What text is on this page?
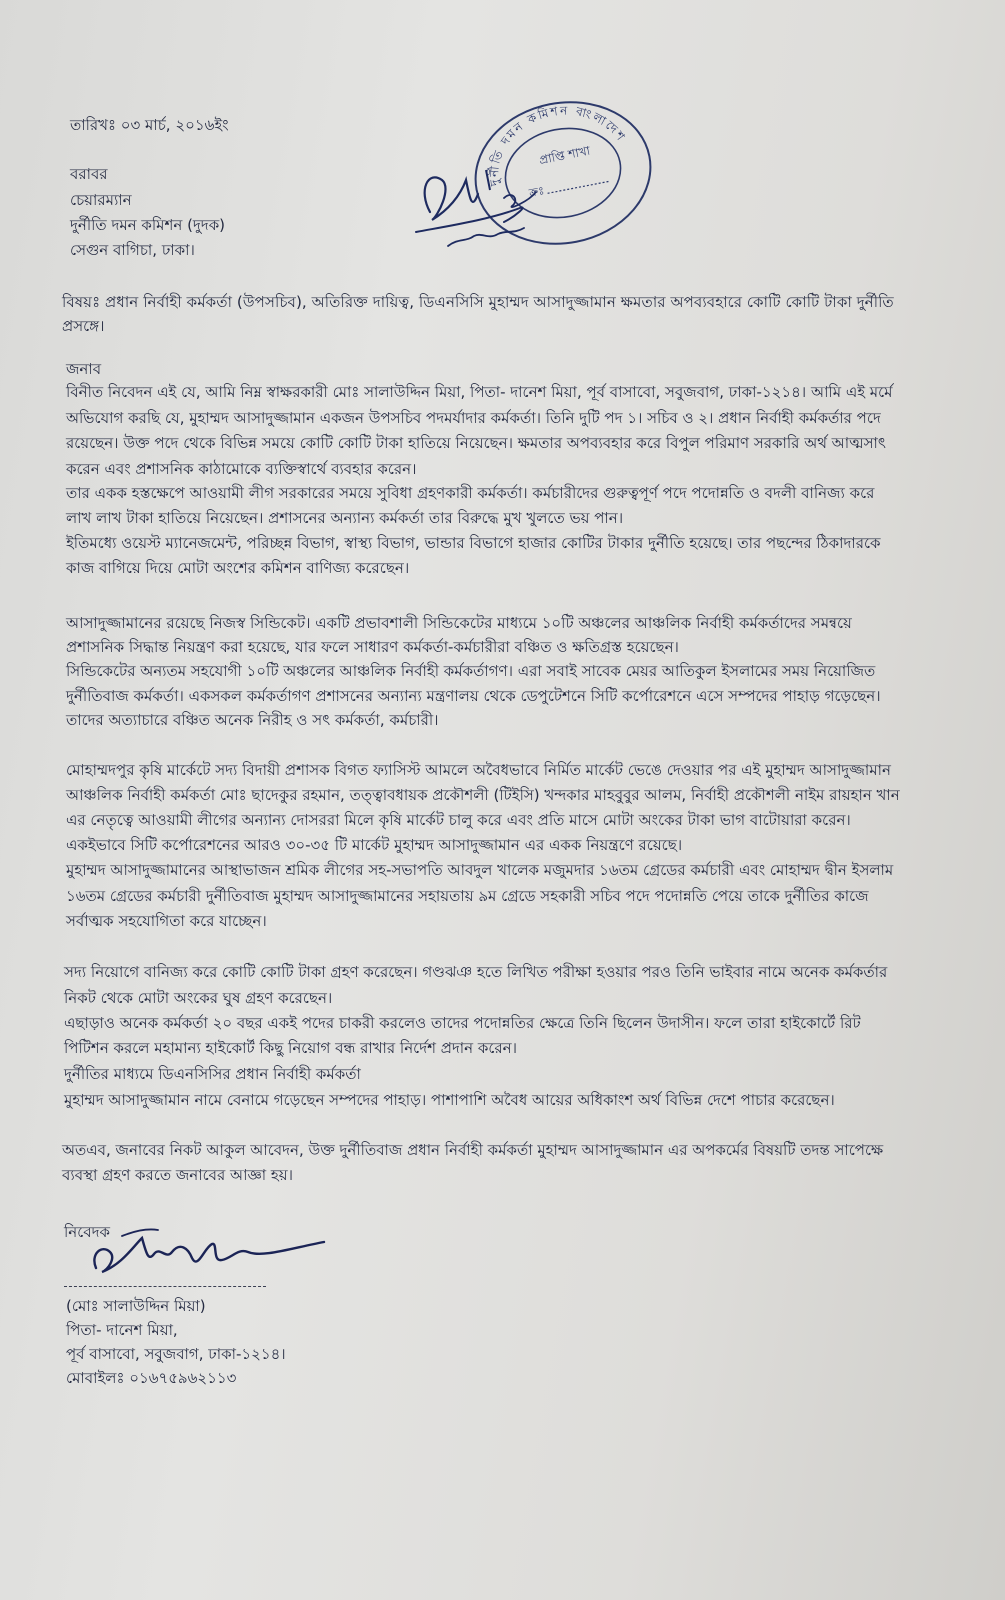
তারিখঃ ০৩ মার্চ, ২০১৬ইং
বরাবর
চেয়ারম্যান
দুর্নীতি দমন কমিশন (দুদক)
সেগুন বাগিচা, ঢাকা।
দুর্নীতি দমন কমিশন বাংলাদেশ
প্রাপ্তি শাখা
ক্রঃ
বিষয়ঃ প্রধান নির্বাহী কর্মকর্তা (উপসচিব), অতিরিক্ত দায়িত্ব, ডিএনসিসি মুহাম্মদ আসাদুজ্জামান ক্ষমতার অপব্যবহারে কোটি কোটি টাকা দুর্নীতি
প্রসঙ্গে।
জনাব
বিনীত নিবেদন এই যে, আমি নিম্ন স্বাক্ষরকারী মোঃ সালাউদ্দিন মিয়া, পিতা- দানেশ মিয়া, পূর্ব বাসাবো, সবুজবাগ, ঢাকা-১২১৪। আমি এই মর্মে
অভিযোগ করছি যে, মুহাম্মদ আসাদুজ্জামান একজন উপসচিব পদমর্যাদার কর্মকর্তা। তিনি দুটি পদ ১। সচিব ও ২। প্রধান নির্বাহী কর্মকর্তার পদে
রয়েছেন। উক্ত পদে থেকে বিভিন্ন সময়ে কোটি কোটি টাকা হাতিয়ে নিয়েছেন। ক্ষমতার অপব্যবহার করে বিপুল পরিমাণ সরকারি অর্থ আত্মসাৎ
করেন এবং প্রশাসনিক কাঠামোকে ব্যক্তিস্বার্থে ব্যবহার করেন।
তার একক হস্তক্ষেপে আওয়ামী লীগ সরকারের সময়ে সুবিধা গ্রহণকারী কর্মকর্তা। কর্মচারীদের গুরুত্বপূর্ণ পদে পদোন্নতি ও বদলী বানিজ্য করে
লাখ লাখ টাকা হাতিয়ে নিয়েছেন। প্রশাসনের অন্যান্য কর্মকর্তা তার বিরুদ্ধে মুখ খুলতে ভয় পান।
ইতিমধ্যে ওয়েস্ট ম্যানেজমেন্ট, পরিচ্ছন্ন বিভাগ, স্বাস্থ্য বিভাগ, ভান্ডার বিভাগে হাজার কোটির টাকার দুর্নীতি হয়েছে। তার পছন্দের ঠিকাদারকে
কাজ বাগিয়ে দিয়ে মোটা অংশের কমিশন বাণিজ্য করেছেন।
আসাদুজ্জামানের রয়েছে নিজস্ব সিন্ডিকেট। একটি প্রভাবশালী সিন্ডিকেটের মাধ্যমে ১০টি অঞ্চলের আঞ্চলিক নির্বাহী কর্মকর্তাদের সমন্বয়ে
প্রশাসনিক সিদ্ধান্ত নিয়ন্ত্রণ করা হয়েছে, যার ফলে সাধারণ কর্মকর্তা-কর্মচারীরা বঞ্চিত ও ক্ষতিগ্রস্ত হয়েছেন।
সিন্ডিকেটের অন্যতম সহযোগী ১০টি অঞ্চলের আঞ্চলিক নির্বাহী কর্মকর্তাগণ। এরা সবাই সাবেক মেয়র আতিকুল ইসলামের সময় নিয়োজিত
দুর্নীতিবাজ কর্মকর্তা। একসকল কর্মকর্তাগণ প্রশাসনের অন্যান্য মন্ত্রণালয় থেকে ডেপুটেশনে সিটি কর্পোরেশনে এসে সম্পদের পাহাড় গড়েছেন।
তাদের অত্যাচারে বঞ্চিত অনেক নিরীহ ও সৎ কর্মকর্তা, কর্মচারী।
মোহাম্মদপুর কৃষি মার্কেটে সদ্য বিদায়ী প্রশাসক বিগত ফ্যাসিস্ট আমলে অবৈধভাবে নির্মিত মার্কেট ভেঙে দেওয়ার পর এই মুহাম্মদ আসাদুজ্জামান
আঞ্চলিক নির্বাহী কর্মকর্তা মোঃ ছাদেকুর রহমান, তত্ত্বাবধায়ক প্রকৌশলী (টিইসি) খন্দকার মাহবুবুর আলম, নির্বাহী প্রকৌশলী নাইম রায়হান খান
এর নেতৃত্বে আওয়ামী লীগের অন্যান্য দোসররা মিলে কৃষি মার্কেট চালু করে এবং প্রতি মাসে মোটা অংকের টাকা ভাগ বাটোয়ারা করেন।
একইভাবে সিটি কর্পোরেশনের আরও ৩০-৩৫ টি মার্কেট মুহাম্মদ আসাদুজ্জামান এর একক নিয়ন্ত্রণে রয়েছে।
মুহাম্মদ আসাদুজ্জামানের আস্থাভাজন শ্রমিক লীগের সহ-সভাপতি আবদুল খালেক মজুমদার ১৬তম গ্রেডের কর্মচারী এবং মোহাম্মদ দ্বীন ইসলাম
১৬তম গ্রেডের কর্মচারী দুর্নীতিবাজ মুহাম্মদ আসাদুজ্জামানের সহায়তায় ৯ম গ্রেডে সহকারী সচিব পদে পদোন্নতি পেয়ে তাকে দুর্নীতির কাজে
সর্বাত্মক সহযোগিতা করে যাচ্ছেন।
সদ্য নিয়োগে বানিজ্য করে কোটি কোটি টাকা গ্রহণ করেছেন। গণ্ডঝঞ হতে লিখিত পরীক্ষা হওয়ার পরও তিনি ভাইবার নামে অনেক কর্মকর্তার
নিকট থেকে মোটা অংকের ঘুষ গ্রহণ করেছেন।
এছাড়াও অনেক কর্মকর্তা ২০ বছর একই পদের চাকরী করলেও তাদের পদোন্নতির ক্ষেত্রে তিনি ছিলেন উদাসীন। ফলে তারা হাইকোর্টে রিট
পিটিশন করলে মহামান্য হাইকোর্ট কিছু নিয়োগ বন্ধ রাখার নির্দেশ প্রদান করেন।
দুর্নীতির মাধ্যমে ডিএনসিসির প্রধান নির্বাহী কর্মকর্তা
মুহাম্মদ আসাদুজ্জামান নামে বেনামে গড়েছেন সম্পদের পাহাড়। পাশাপাশি অবৈধ আয়ের অধিকাংশ অর্থ বিভিন্ন দেশে পাচার করেছেন।
অতএব, জনাবের নিকট আকুল আবেদন, উক্ত দুর্নীতিবাজ প্রধান নির্বাহী কর্মকর্তা মুহাম্মদ আসাদুজ্জামান এর অপকর্মের বিষয়টি তদন্ত সাপেক্ষে
ব্যবস্থা গ্রহণ করতে জনাবের আজ্ঞা হয়।
নিবেদক
(মোঃ সালাউদ্দিন মিয়া)
পিতা- দানেশ মিয়া,
পূর্ব বাসাবো, সবুজবাগ, ঢাকা-১২১৪।
মোবাইলঃ ০১৬৭৫৯৬২১১৩
